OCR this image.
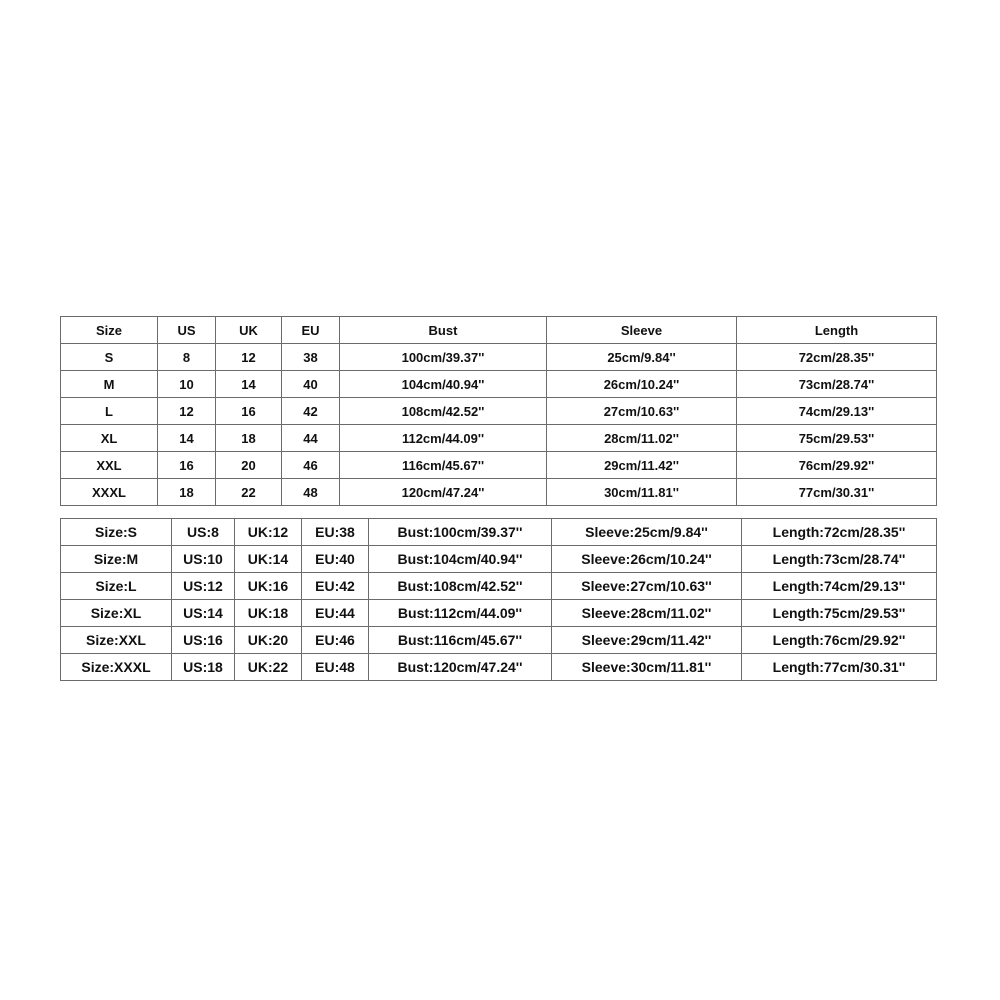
Size	US	UK	EU	Bust	Sleeve	Length
S	8	12	38	100cm/39.37''	25cm/9.84''	72cm/28.35''
M	10	14	40	104cm/40.94''	26cm/10.24''	73cm/28.74''
L	12	16	42	108cm/42.52''	27cm/10.63''	74cm/29.13''
XL	14	18	44	112cm/44.09''	28cm/11.02''	75cm/29.53''
XXL	16	20	46	116cm/45.67''	29cm/11.42''	76cm/29.92''
XXXL	18	22	48	120cm/47.24''	30cm/11.81''	77cm/30.31''
Size:S	US:8	UK:12	EU:38	Bust:100cm/39.37''	Sleeve:25cm/9.84''	Length:72cm/28.35''
Size:M	US:10	UK:14	EU:40	Bust:104cm/40.94''	Sleeve:26cm/10.24''	Length:73cm/28.74''
Size:L	US:12	UK:16	EU:42	Bust:108cm/42.52''	Sleeve:27cm/10.63''	Length:74cm/29.13''
Size:XL	US:14	UK:18	EU:44	Bust:112cm/44.09''	Sleeve:28cm/11.02''	Length:75cm/29.53''
Size:XXL	US:16	UK:20	EU:46	Bust:116cm/45.67''	Sleeve:29cm/11.42''	Length:76cm/29.92''
Size:XXXL	US:18	UK:22	EU:48	Bust:120cm/47.24''	Sleeve:30cm/11.81''	Length:77cm/30.31''
